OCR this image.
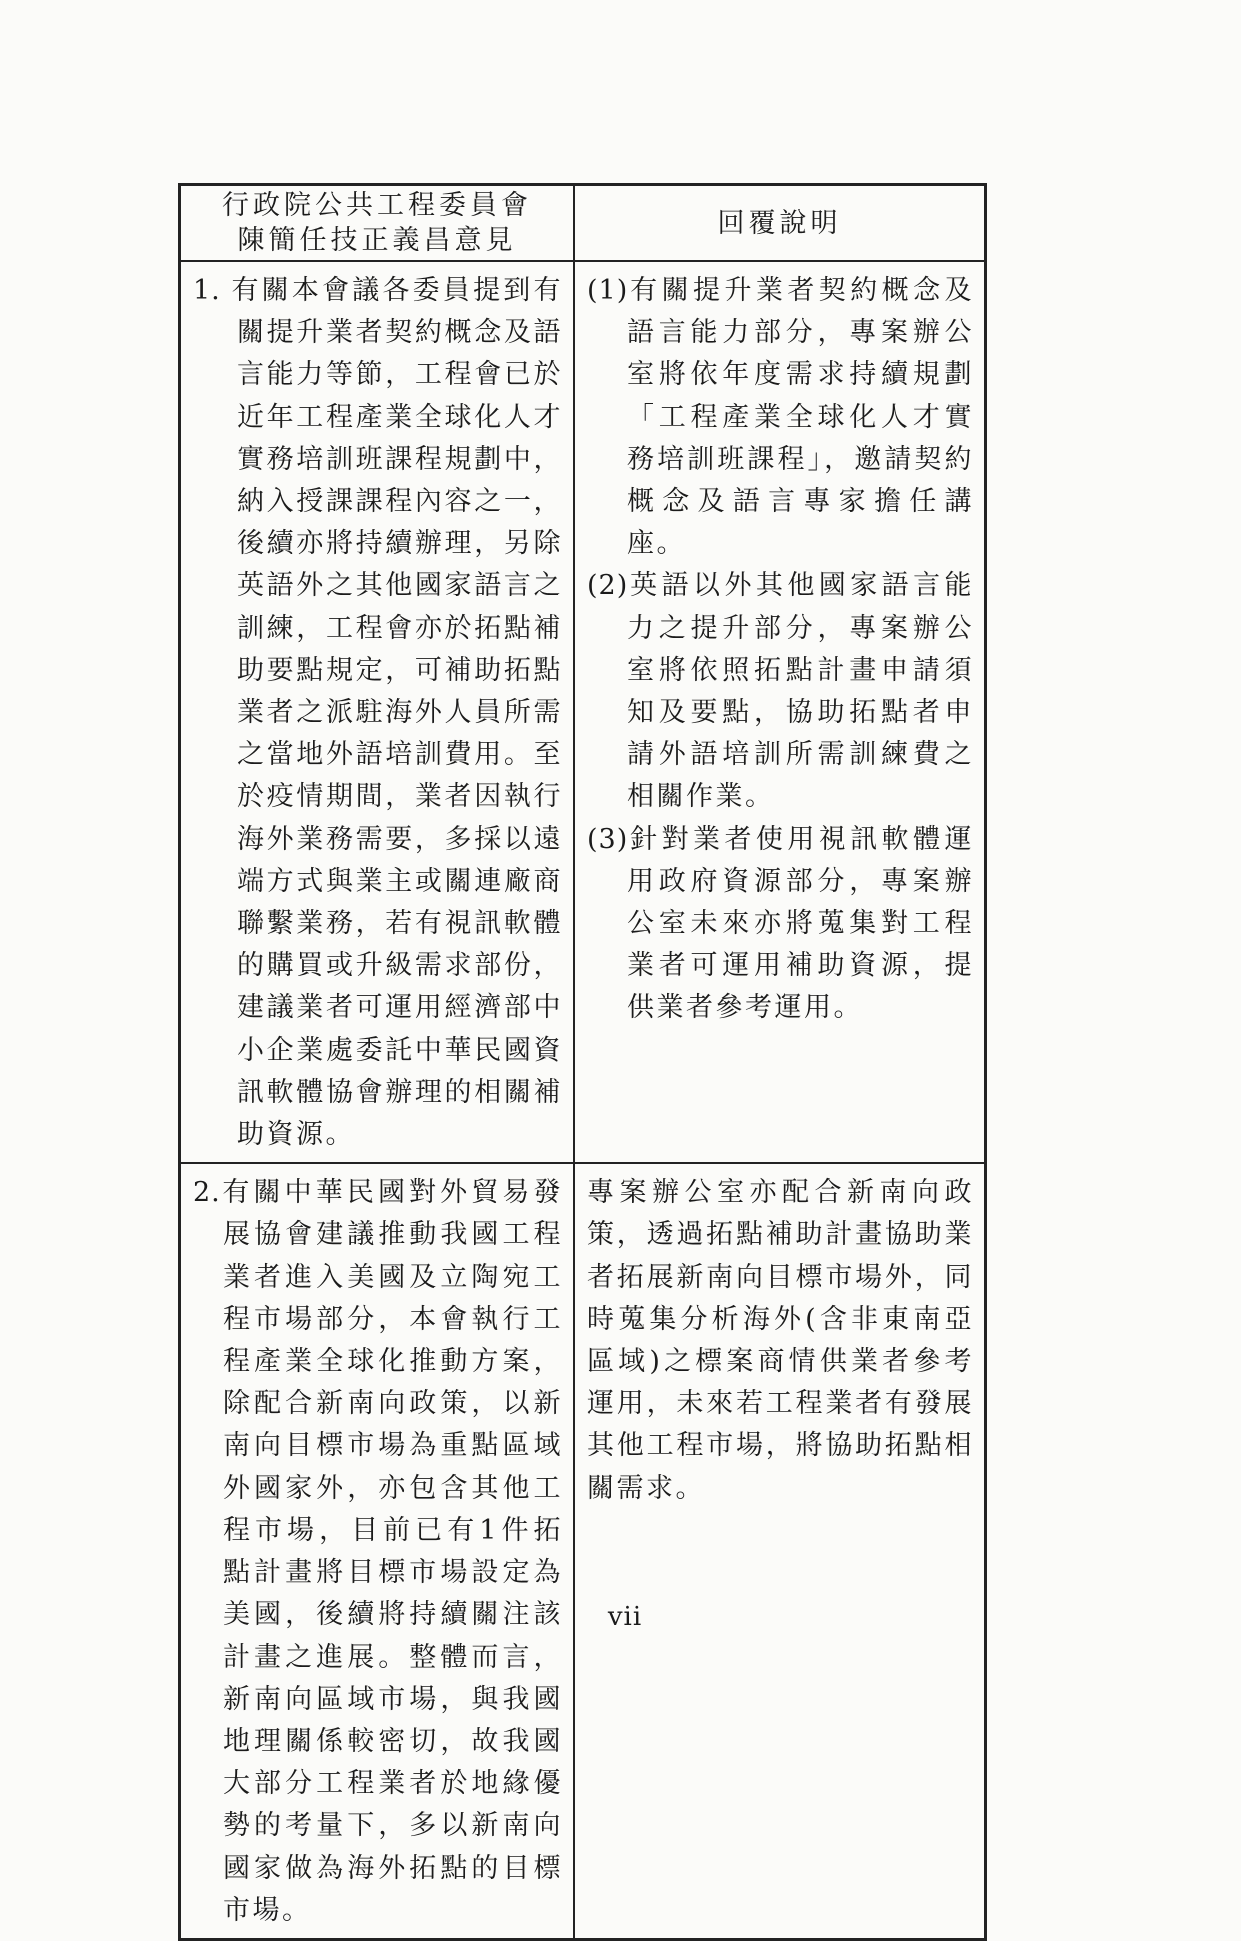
行政院公共工程委員會
陳簡任技正義昌意見
回覆說明

1. 有關本會議各委員提到有關提升業者契約概念及語言能力等節，工程會已於近年工程產業全球化人才實務培訓班課程規劃中，納入授課課程內容之一，後續亦將持續辦理，另除英語外之其他國家語言之訓練，工程會亦於拓點補助要點規定，可補助拓點業者之派駐海外人員所需之當地外語培訓費用。至於疫情期間，業者因執行海外業務需要，多採以遠端方式與業主或關連廠商聯繫業務，若有視訊軟體的購買或升級需求部份，建議業者可運用經濟部中小企業處委託中華民國資訊軟體協會辦理的相關補助資源。

(1)有關提升業者契約概念及語言能力部分，專案辦公室將依年度需求持續規劃「工程產業全球化人才實務培訓班課程」，邀請契約概念及語言專家擔任講座。

(2)英語以外其他國家語言能力之提升部分，專案辦公室將依照拓點計畫申請須知及要點，協助拓點者申請外語培訓所需訓練費之相關作業。

(3)針對業者使用視訊軟體運用政府資源部分，專案辦公室未來亦將蒐集對工程業者可運用補助資源，提供業者參考運用。

2.有關中華民國對外貿易發展協會建議推動我國工程業者進入美國及立陶宛工程市場部分，本會執行工程產業全球化推動方案，除配合新南向政策，以新南向目標市場為重點區域外國家外，亦包含其他工程市場，目前已有1件拓點計畫將目標市場設定為美國，後續將持續關注該計畫之進展。整體而言，新南向區域市場，與我國地理關係較密切，故我國大部分工程業者於地緣優勢的考量下，多以新南向國家做為海外拓點的目標市場。

專案辦公室亦配合新南向政策，透過拓點補助計畫協助業者拓展新南向目標市場外，同時蒐集分析海外(含非東南亞區域)之標案商情供業者參考運用，未來若工程業者有發展其他工程市場，將協助拓點相關需求。

vii
